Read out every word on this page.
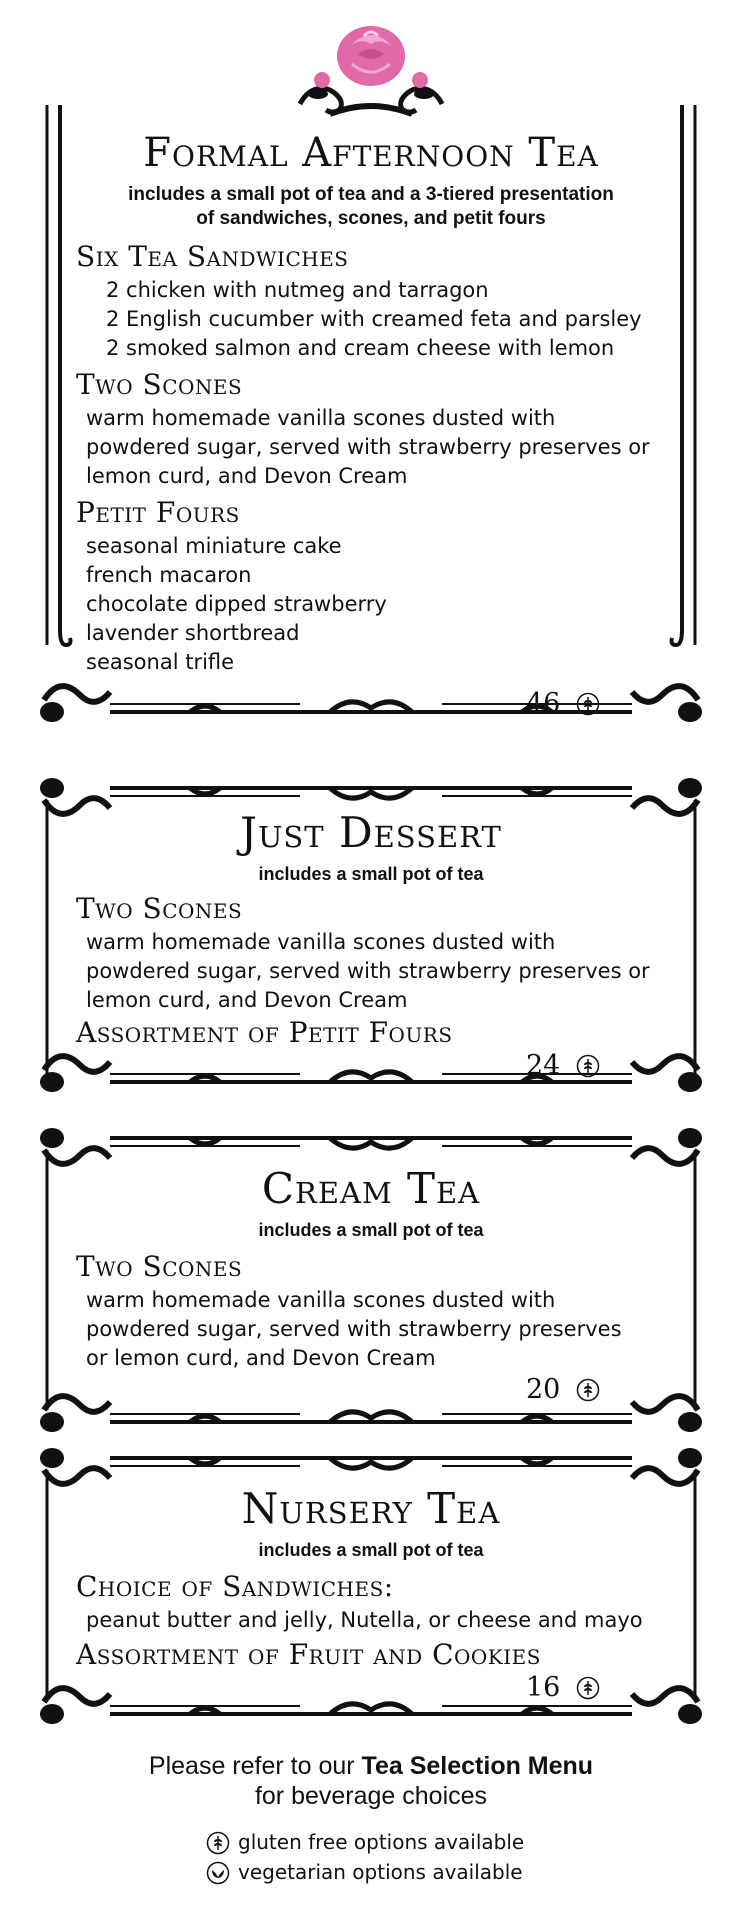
Formal Afternoon Tea
includes a small pot of tea and a 3-tiered presentation
of sandwiches, scones, and petit fours
Six Tea Sandwiches
2 chicken with nutmeg and tarragon
2 English cucumber with creamed feta and parsley
2 smoked salmon and cream cheese with lemon
Two Scones
warm homemade vanilla scones dusted with
powdered sugar, served with strawberry preserves or
lemon curd, and Devon Cream
Petit Fours
seasonal miniature cake
french macaron
chocolate dipped strawberry
lavender shortbread
seasonal trifle
46
Just Dessert
includes a small pot of tea
Two Scones
warm homemade vanilla scones dusted with
powdered sugar, served with strawberry preserves or
lemon curd, and Devon Cream
Assortment of Petit Fours
24
Cream Tea
includes a small pot of tea
Two Scones
warm homemade vanilla scones dusted with
powdered sugar, served with strawberry preserves
or lemon curd, and Devon Cream
20
Nursery Tea
includes a small pot of tea
Choice of Sandwiches:
peanut butter and jelly, Nutella, or cheese and mayo
Assortment of Fruit and Cookies
16
Please refer to our Tea Selection Menu
for beverage choices
gluten free options available
vegetarian options available
